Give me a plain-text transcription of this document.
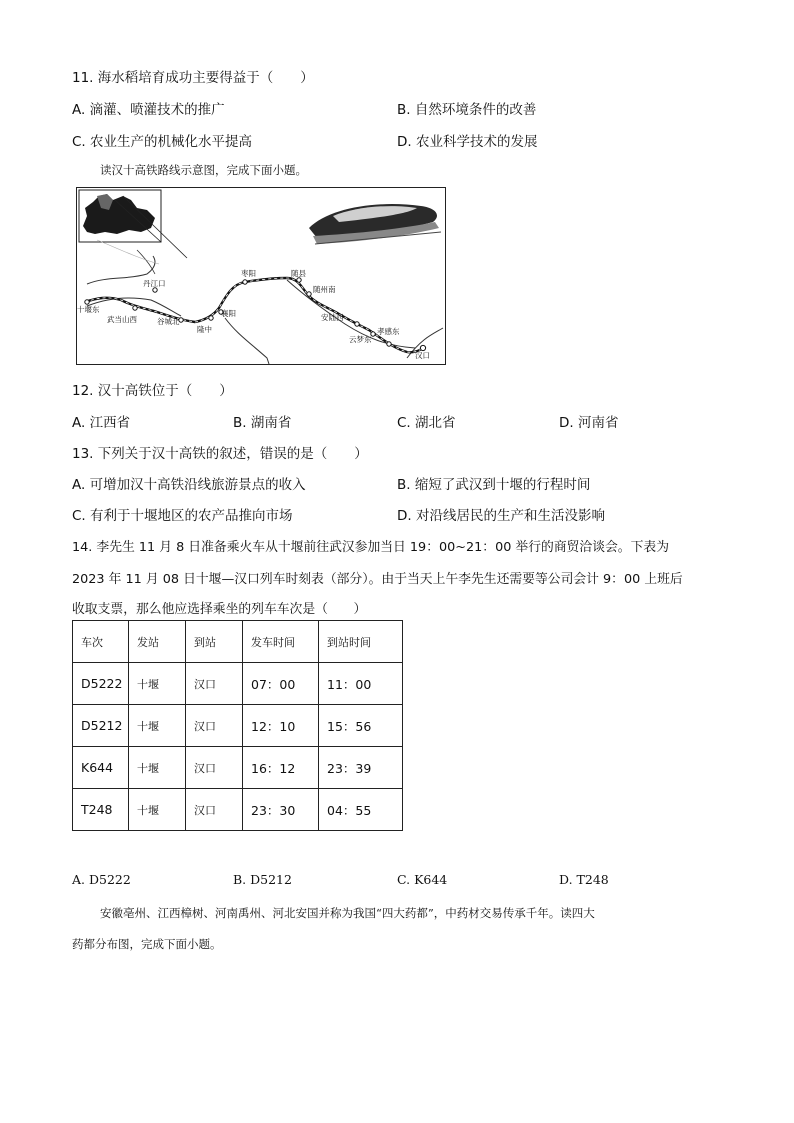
11. 海水稻培育成功主要得益于（　　）
A. 滴灌、喷灌技术的推广	B. 自然环境条件的改善
C. 农业生产的机械化水平提高	D. 农业科学技术的发展
读汉十高铁路线示意图，完成下面小题。
十堰东
丹江口
武当山西	谷城北
襄阳
隆中
枣阳	随县
随州南
安陆西
云梦东
孝感东
汉口
12. 汉十高铁位于（　　）
A. 江西省	B. 湖南省	C. 湖北省	D. 河南省
13. 下列关于汉十高铁的叙述，错误的是（　　）
A. 可增加汉十高铁沿线旅游景点的收入	B. 缩短了武汉到十堰的行程时间
C. 有利于十堰地区的农产品推向市场	D. 对沿线居民的生产和生活没影响
14. 李先生 11 月 8 日准备乘火车从十堰前往武汉参加当日 19：00~21：00 举行的商贸洽谈会。下表为
2023 年 11 月 08 日十堰—汉口列车时刻表（部分）。由于当天上午李先生还需要等公司会计 9：00 上班后
收取支票，那么他应选择乘坐的列车车次是（　　）
车次	发站	到站	发车时间	到站时间
D5222	十堰	汉口	07：00	11：00
D5212	十堰	汉口	12：10	15：56
K644	十堰	汉口	16：12	23：39
T248	十堰	汉口	23：30	04：55
A. D5222	B. D5212	C. K644	D. T248
安徽亳州、江西樟树、河南禹州、河北安国并称为我国“四大药都”，中药材交易传承千年。读四大
药都分布图，完成下面小题。
